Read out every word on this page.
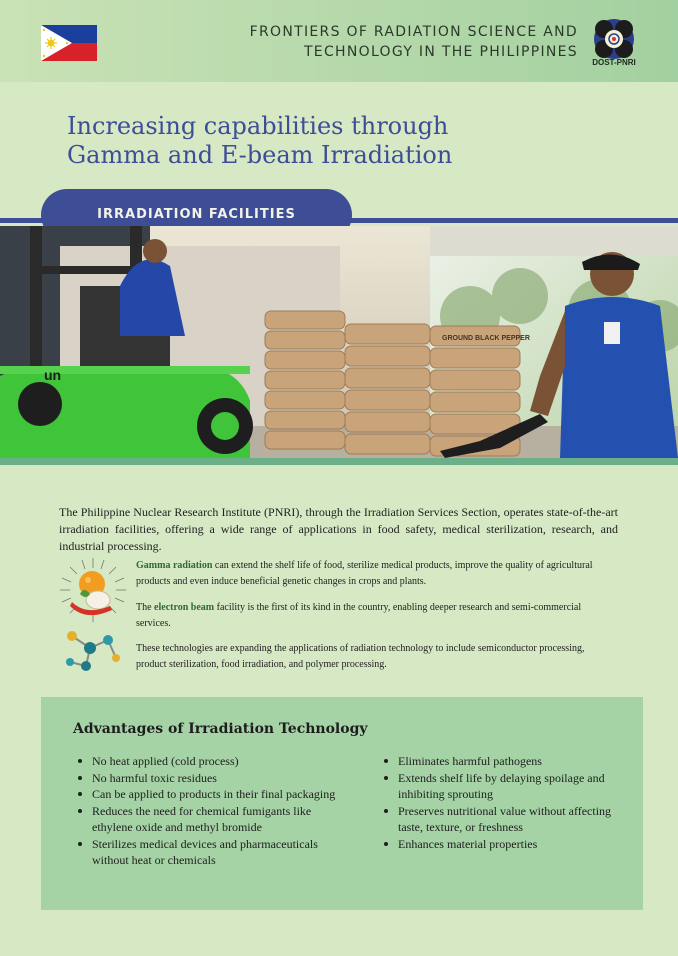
FRONTIERS OF RADIATION SCIENCE AND
TECHNOLOGY IN THE PHILIPPINES
DOST-PNRI
Increasing capabilities through
Gamma and E-beam Irradiation
IRRADIATION FACILITIES
un
GROUND BLACK PEPPER

The Philippine Nuclear Research Institute (PNRI), through the Irradiation Services Section, operates state-of-the-art irradiation facilities, offering a wide range of applications in food safety, medical sterilization, research, and industrial processing.

Gamma radiation can extend the shelf life of food, sterilize medical products, improve the quality of agricultural products and even induce beneficial genetic changes in crops and plants.
The electron beam facility is the first of its kind in the country, enabling deeper research and semi-commercial services.
These technologies are expanding the applications of radiation technology to include semiconductor processing, product sterilization, food irradiation, and polymer processing.
Advantages of Irradiation Technology
No heat applied (cold process)
No harmful toxic residues
Can be applied to products in their final packaging
Reduces the need for chemical fumigants like ethylene oxide and methyl bromide
Sterilizes medical devices and pharmaceuticals without heat or chemicals
Eliminates harmful pathogens
Extends shelf life by delaying spoilage and inhibiting sprouting
Preserves nutritional value without affecting taste, texture, or freshness
Enhances material properties
